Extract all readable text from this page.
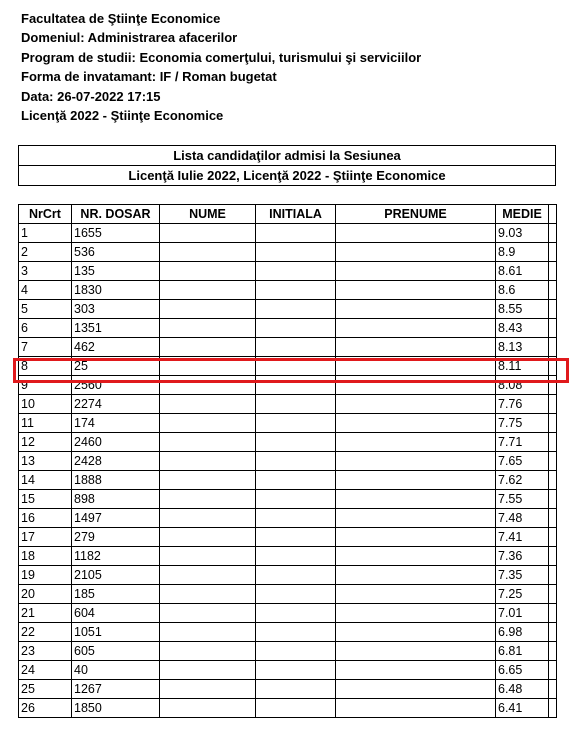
Facultatea de Ştiinţe Economice
Domeniul: Administrarea afacerilor
Program de studii: Economia comerţului, turismului şi serviciilor
Forma de invatamant: IF / Roman bugetat
Data: 26-07-2022 17:15
Licenţă 2022 - Ştiinţe Economice
Lista candidaţilor admisi la Sesiunea
Licenţă Iulie 2022, Licenţă 2022 - Ştiinţe Economice
NrCrt	NR. DOSAR	NUME	INITIALA	PRENUME	MEDIE	
1	1655				9.03	
2	536				8.9	
3	135				8.61	
4	1830				8.6	
5	303				8.55	
6	1351				8.43	
7	462				8.13	
8	25				8.11	
9	2560				8.08	
10	2274				7.76	
11	174				7.75	
12	2460				7.71	
13	2428				7.65	
14	1888				7.62	
15	898				7.55	
16	1497				7.48	
17	279				7.41	
18	1182				7.36	
19	2105				7.35	
20	185				7.25	
21	604				7.01	
22	1051				6.98	
23	605				6.81	
24	40				6.65	
25	1267				6.48	
26	1850				6.41	
